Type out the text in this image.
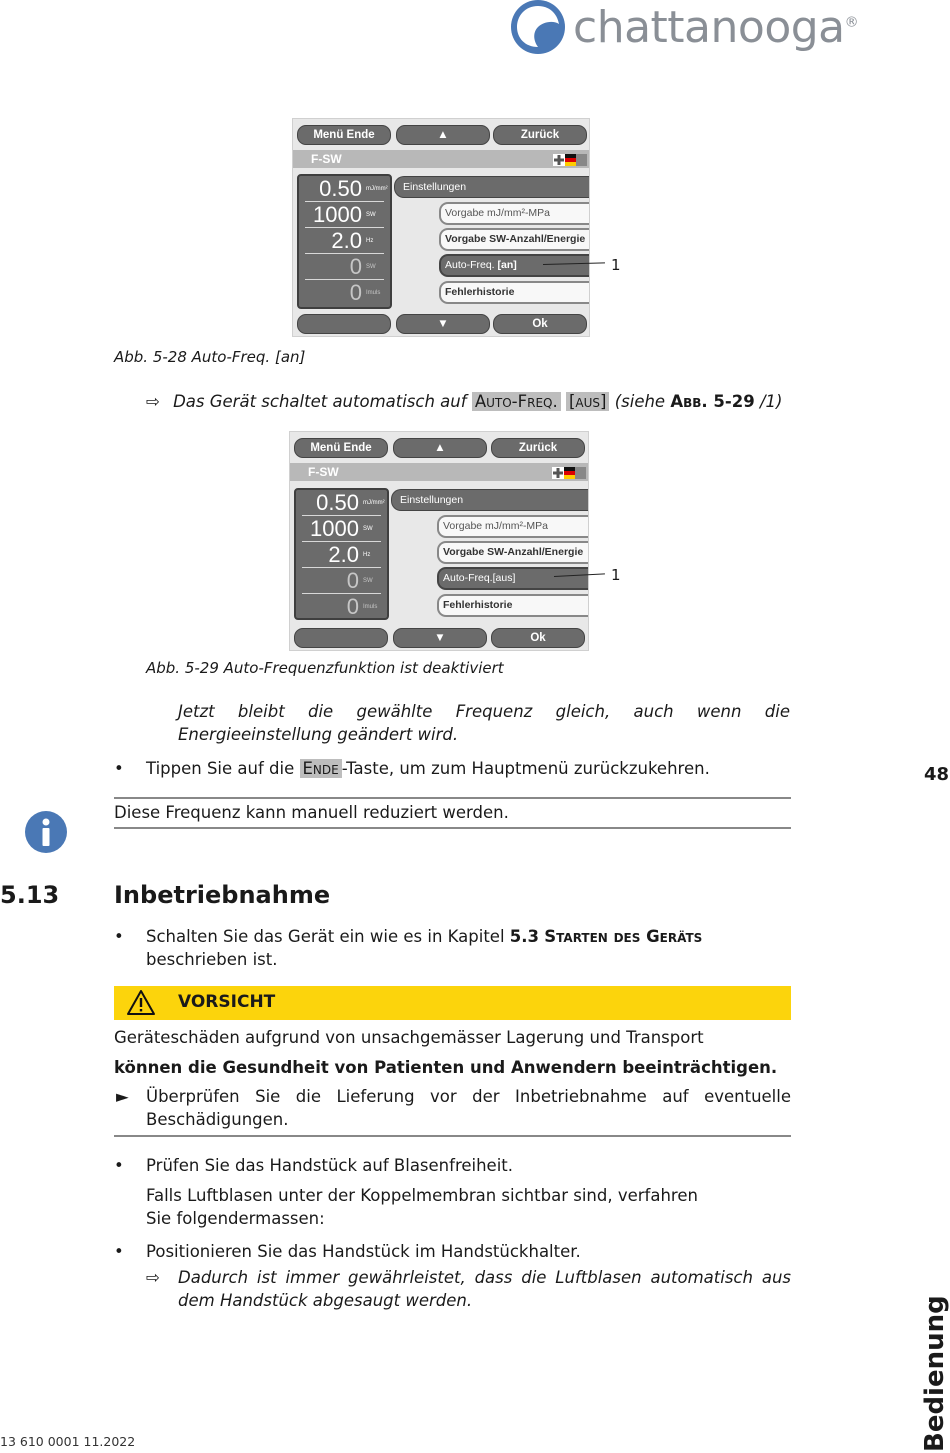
chattanooga®
Menü Ende	▲	Zurück
F-SW
0.50 mJ/mm²
1000 SW
2.0 Hz
0 SW
0 Imuls
Einstellungen
Vorgabe mJ/mm²-MPa
Vorgabe SW-Anzahl/Energie
Auto-Freq. [an]
Fehlerhistorie
▼	Ok
1
Abb. 5-28 Auto-Freq. [an]
⇨ Das Gerät schaltet automatisch auf Auto-Freq. [aus] (siehe Abb. 5-29 /1)
Menü Ende	▲	Zurück
F-SW
0.50 mJ/mm²
1000 SW
2.0 Hz
0 SW
0 Imuls
Einstellungen
Vorgabe mJ/mm²-MPa
Vorgabe SW-Anzahl/Energie
Auto-Freq.[aus]
Fehlerhistorie
▼	Ok
1
Abb. 5-29 Auto-Frequenzfunktion ist deaktiviert
Jetzt bleibt die gewählte Frequenz gleich, auch wenn die Energieeinstellung geändert wird.
• Tippen Sie auf die Ende -Taste, um zum Hauptmenü zurückzukehren.	48
Diese Frequenz kann manuell reduziert werden.
5.13 Inbetriebnahme
• Schalten Sie das Gerät ein wie es in Kapitel 5.3 Starten des Geräts beschrieben ist.
VORSICHT
Geräteschäden aufgrund von unsachgemässer Lagerung und Transport
können die Gesundheit von Patienten und Anwendern beeinträchtigen.
► Überprüfen Sie die Lieferung vor der Inbetriebnahme auf eventuelle Beschädigungen.
• Prüfen Sie das Handstück auf Blasenfreiheit.
Falls Luftblasen unter der Koppelmembran sichtbar sind, verfahren Sie folgendermassen:
• Positionieren Sie das Handstück im Handstückhalter.
⇨ Dadurch ist immer gewährleistet, dass die Luftblasen automatisch aus dem Handstück abgesaugt werden.
13 610 0001 11.2022	Bedienung
